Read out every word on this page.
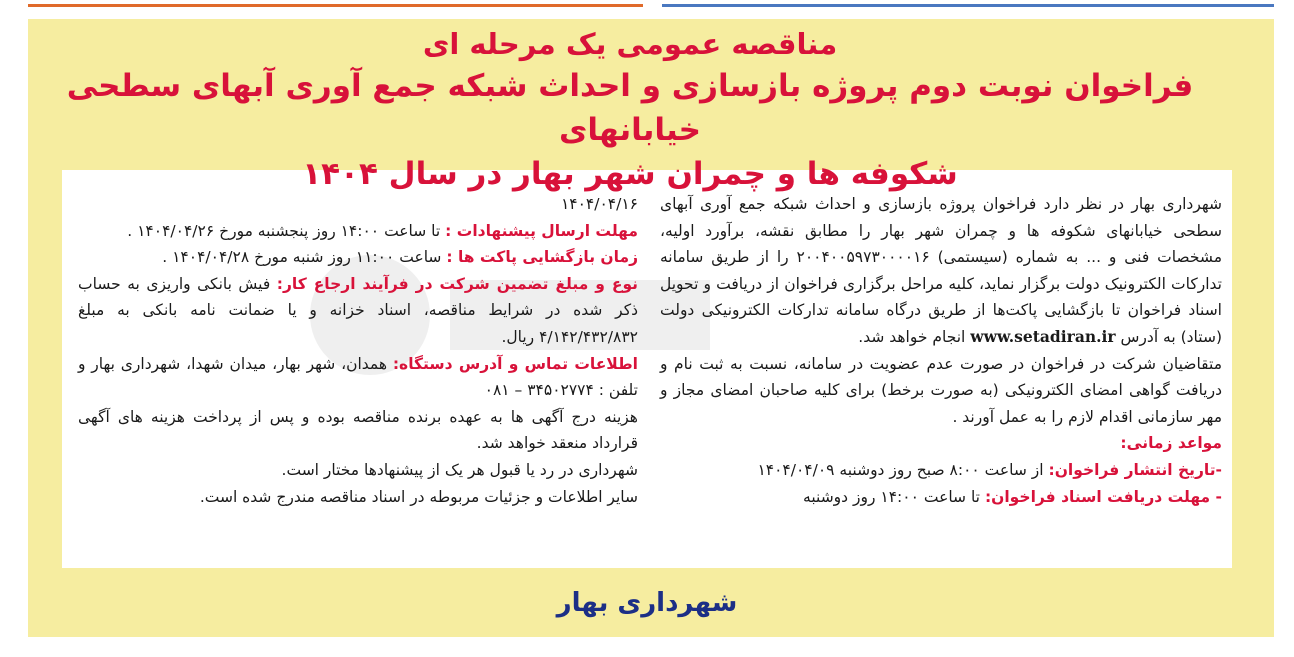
مناقصه عمومی یک مرحله ای
فراخوان نوبت دوم پروژه بازسازی و احداث شبکه جمع آوری آبهای سطحی خیابانهای
شکوفه ها و چمران شهر بهار در سال ۱۴۰۴

شهرداری بهار در نظر دارد فراخوان پروژه بازسازی و احداث شبکه جمع آوری آبهای سطحی خیابانهای شکوفه ها و چمران شهر بهار را مطابق نقشه، برآورد اولیه، مشخصات فنی و ... به شماره (سیستمی) ۲۰۰۴۰۰۵۹۷۳۰۰۰۰۱۶ را از طریق سامانه تدارکات الکترونیک دولت برگزار نماید، کلیه مراحل برگزاری فراخوان از دریافت و تحویل اسناد فراخوان تا بازگشایی پاکت‌ها از طریق درگاه سامانه تدارکات الکترونیکی دولت (ستاد) به آدرس www.setadiran.ir انجام خواهد شد.

متقاضیان شرکت در فراخوان در صورت عدم عضویت در سامانه، نسبت به ثبت نام و دریافت گواهی امضای الکترونیکی (به صورت برخط) برای کلیه صاحبان امضای مجاز و مهر سازمانی اقدام لازم را به عمل آورند .

مواعد زمانی:

-تاریخ انتشار فراخوان: از ساعت ۸:۰۰ صبح روز دوشنبه ۱۴۰۴/۰۴/۰۹

- مهلت دریافت اسناد فراخوان: تا ساعت ۱۴:۰۰ روز دوشنبه

۱۴۰۴/۰۴/۱۶

مهلت ارسال پیشنهادات : تا ساعت ۱۴:۰۰ روز پنجشنبه مورخ ۱۴۰۴/۰۴/۲۶ .

زمان بازگشایی پاکت ها : ساعت ۱۱:۰۰ روز شنبه مورخ ۱۴۰۴/۰۴/۲۸ .

نوع و مبلغ تضمین شرکت در فرآیند ارجاع کار: فیش بانکی واریزی به حساب ذکر شده در شرایط مناقصه، اسناد خزانه و یا ضمانت نامه بانکی به مبلغ ۴/۱۴۲/۴۳۲/۸۳۲ ریال.

اطلاعات تماس و آدرس دستگاه: همدان، شهر بهار، میدان شهدا، شهرداری بهار و تلفن : ۳۴۵۰۲۷۷۴ – ۰۸۱

هزینه درج آگهی ها به عهده برنده مناقصه بوده و پس از پرداخت هزینه های آگهی قرارداد منعقد خواهد شد.

شهرداری در رد یا قبول هر یک از پیشنهادها مختار است.

سایر اطلاعات و جزئیات مربوطه در اسناد مناقصه مندرج شده است.

شهرداری بهار
